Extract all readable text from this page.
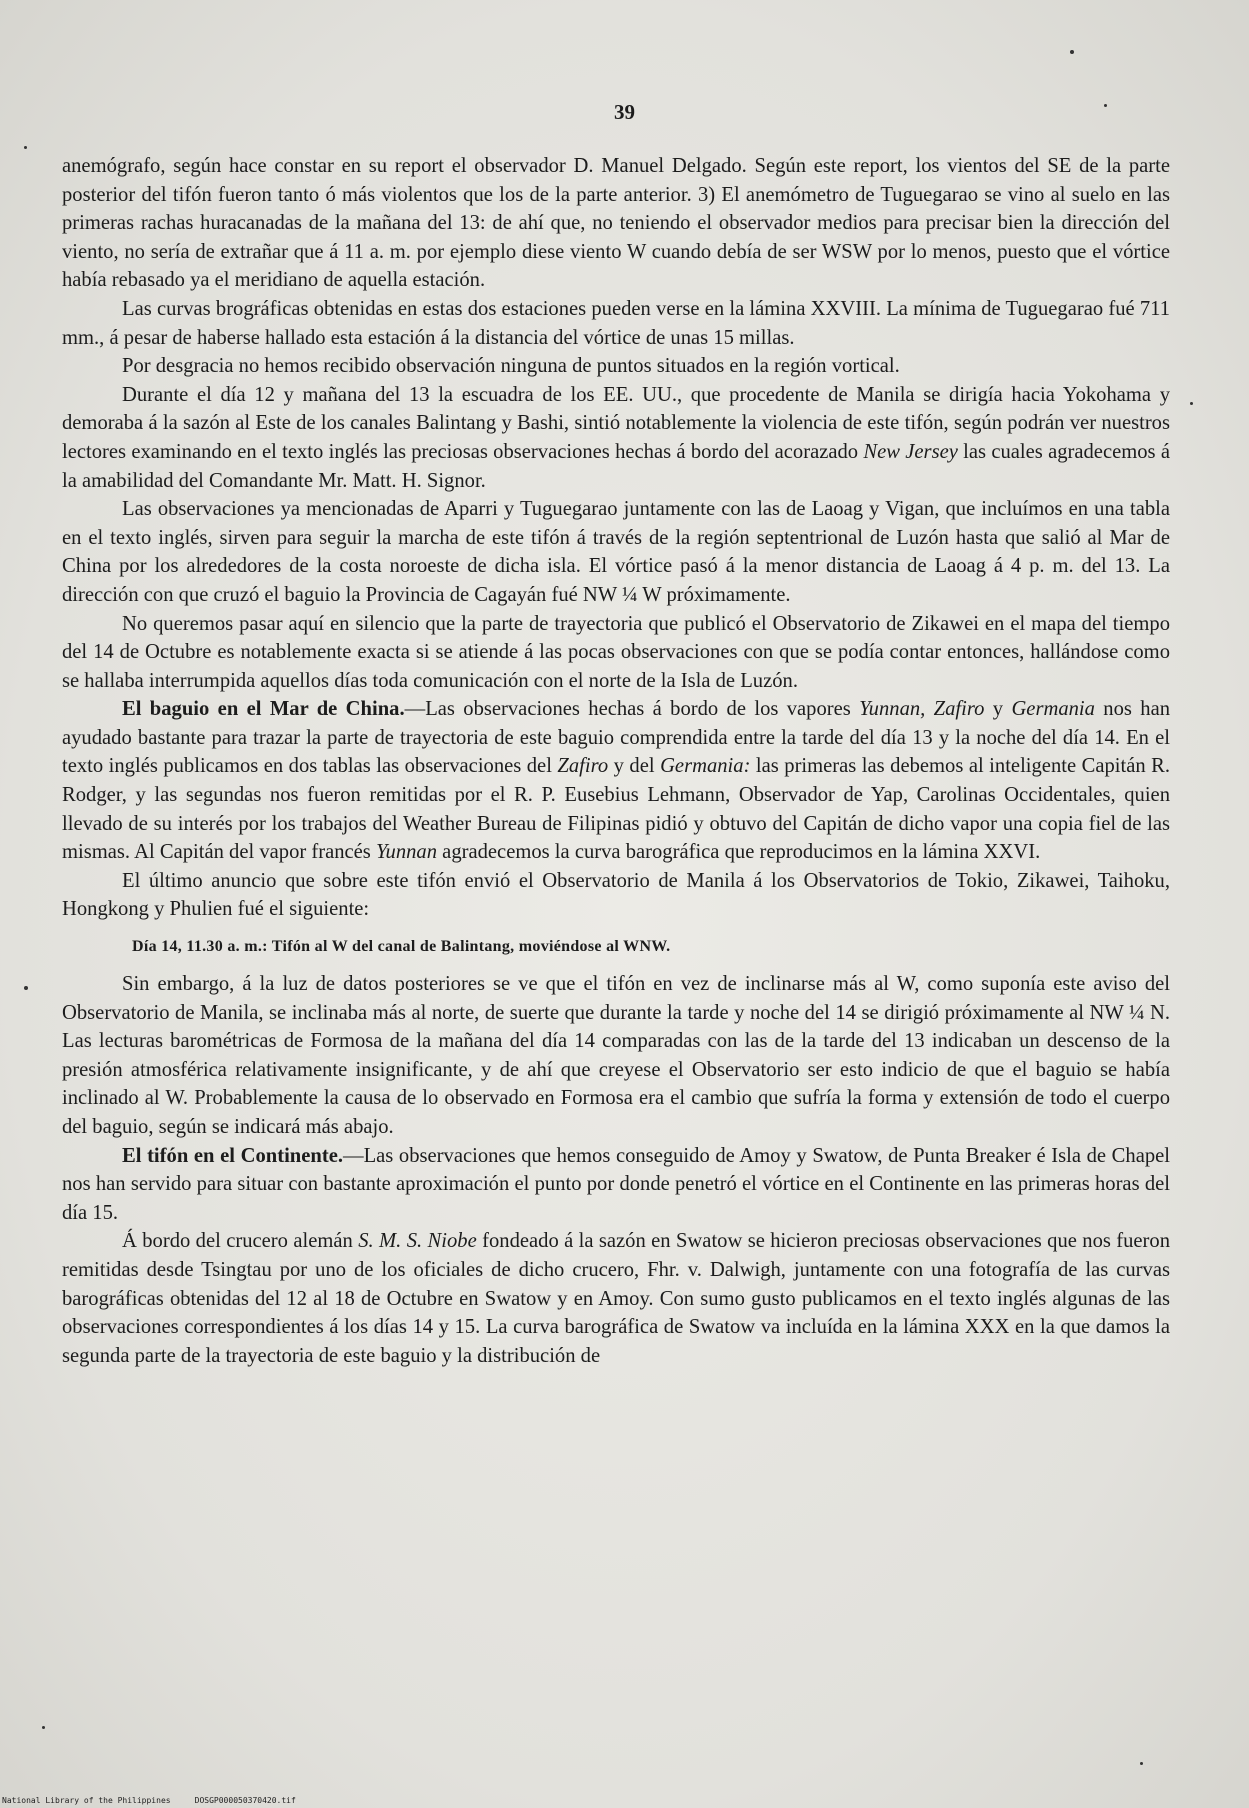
39

anemógrafo, según hace constar en su report el observador D. Manuel Delgado. Según este report, los vientos del SE de la parte posterior del tifón fueron tanto ó más violentos que los de la parte anterior. 3) El anemómetro de Tuguegarao se vino al suelo en las primeras rachas huracanadas de la mañana del 13: de ahí que, no teniendo el observador medios para precisar bien la dirección del viento, no sería de extrañar que á 11 a. m. por ejemplo diese viento W cuando debía de ser WSW por lo menos, puesto que el vórtice había rebasado ya el meridiano de aquella estación.

Las curvas brográficas obtenidas en estas dos estaciones pueden verse en la lámina XXVIII. La mínima de Tuguegarao fué 711 mm., á pesar de haberse hallado esta estación á la distancia del vórtice de unas 15 millas.

Por desgracia no hemos recibido observación ninguna de puntos situados en la región vortical.

Durante el día 12 y mañana del 13 la escuadra de los EE. UU., que procedente de Manila se dirigía hacia Yokohama y demoraba á la sazón al Este de los canales Balintang y Bashi, sintió notablemente la violencia de este tifón, según podrán ver nuestros lectores examinando en el texto inglés las preciosas observaciones hechas á bordo del acorazado New Jersey las cuales agradecemos á la amabilidad del Comandante Mr. Matt. H. Signor.

Las observaciones ya mencionadas de Aparri y Tuguegarao juntamente con las de Laoag y Vigan, que incluímos en una tabla en el texto inglés, sirven para seguir la marcha de este tifón á través de la región septentrional de Luzón hasta que salió al Mar de China por los alrededores de la costa noroeste de dicha isla. El vórtice pasó á la menor distancia de Laoag á 4 p. m. del 13. La dirección con que cruzó el baguio la Provincia de Cagayán fué NW ¼ W próximamente.

No queremos pasar aquí en silencio que la parte de trayectoria que publicó el Observatorio de Zikawei en el mapa del tiempo del 14 de Octubre es notablemente exacta si se atiende á las pocas observaciones con que se podía contar entonces, hallándose como se hallaba interrumpida aquellos días toda comunicación con el norte de la Isla de Luzón.

El baguio en el Mar de China.—Las observaciones hechas á bordo de los vapores Yunnan, Zafiro y Germania nos han ayudado bastante para trazar la parte de trayectoria de este baguio comprendida entre la tarde del día 13 y la noche del día 14. En el texto inglés publicamos en dos tablas las observaciones del Zafiro y del Germania: las primeras las debemos al inteligente Capitán R. Rodger, y las segundas nos fueron remitidas por el R. P. Eusebius Lehmann, Observador de Yap, Carolinas Occidentales, quien llevado de su interés por los trabajos del Weather Bureau de Filipinas pidió y obtuvo del Capitán de dicho vapor una copia fiel de las mismas. Al Capitán del vapor francés Yunnan agradecemos la curva barográfica que reproducimos en la lámina XXVI.

El último anuncio que sobre este tifón envió el Observatorio de Manila á los Observatorios de Tokio, Zikawei, Taihoku, Hongkong y Phulien fué el siguiente:

Día 14, 11.30 a. m.: Tifón al W del canal de Balintang, moviéndose al WNW.

Sin embargo, á la luz de datos posteriores se ve que el tifón en vez de inclinarse más al W, como suponía este aviso del Observatorio de Manila, se inclinaba más al norte, de suerte que durante la tarde y noche del 14 se dirigió próximamente al NW ¼ N. Las lecturas barométricas de Formosa de la mañana del día 14 comparadas con las de la tarde del 13 indicaban un descenso de la presión atmosférica relativamente insignificante, y de ahí que creyese el Observatorio ser esto indicio de que el baguio se había inclinado al W. Probablemente la causa de lo observado en Formosa era el cambio que sufría la forma y extensión de todo el cuerpo del baguio, según se indicará más abajo.

El tifón en el Continente.—Las observaciones que hemos conseguido de Amoy y Swatow, de Punta Breaker é Isla de Chapel nos han servido para situar con bastante aproximación el punto por donde penetró el vórtice en el Continente en las primeras horas del día 15.

Á bordo del crucero alemán S. M. S. Niobe fondeado á la sazón en Swatow se hicieron preciosas observaciones que nos fueron remitidas desde Tsingtau por uno de los oficiales de dicho crucero, Fhr. v. Dalwigh, juntamente con una fotografía de las curvas barográficas obtenidas del 12 al 18 de Octubre en Swatow y en Amoy. Con sumo gusto publicamos en el texto inglés algunas de las observaciones correspondientes á los días 14 y 15. La curva barográfica de Swatow va incluída en la lámina XXX en la que damos la segunda parte de la trayectoria de este baguio y la distribución de

National Library of the Philippines     DOSGP000050370420.tif
